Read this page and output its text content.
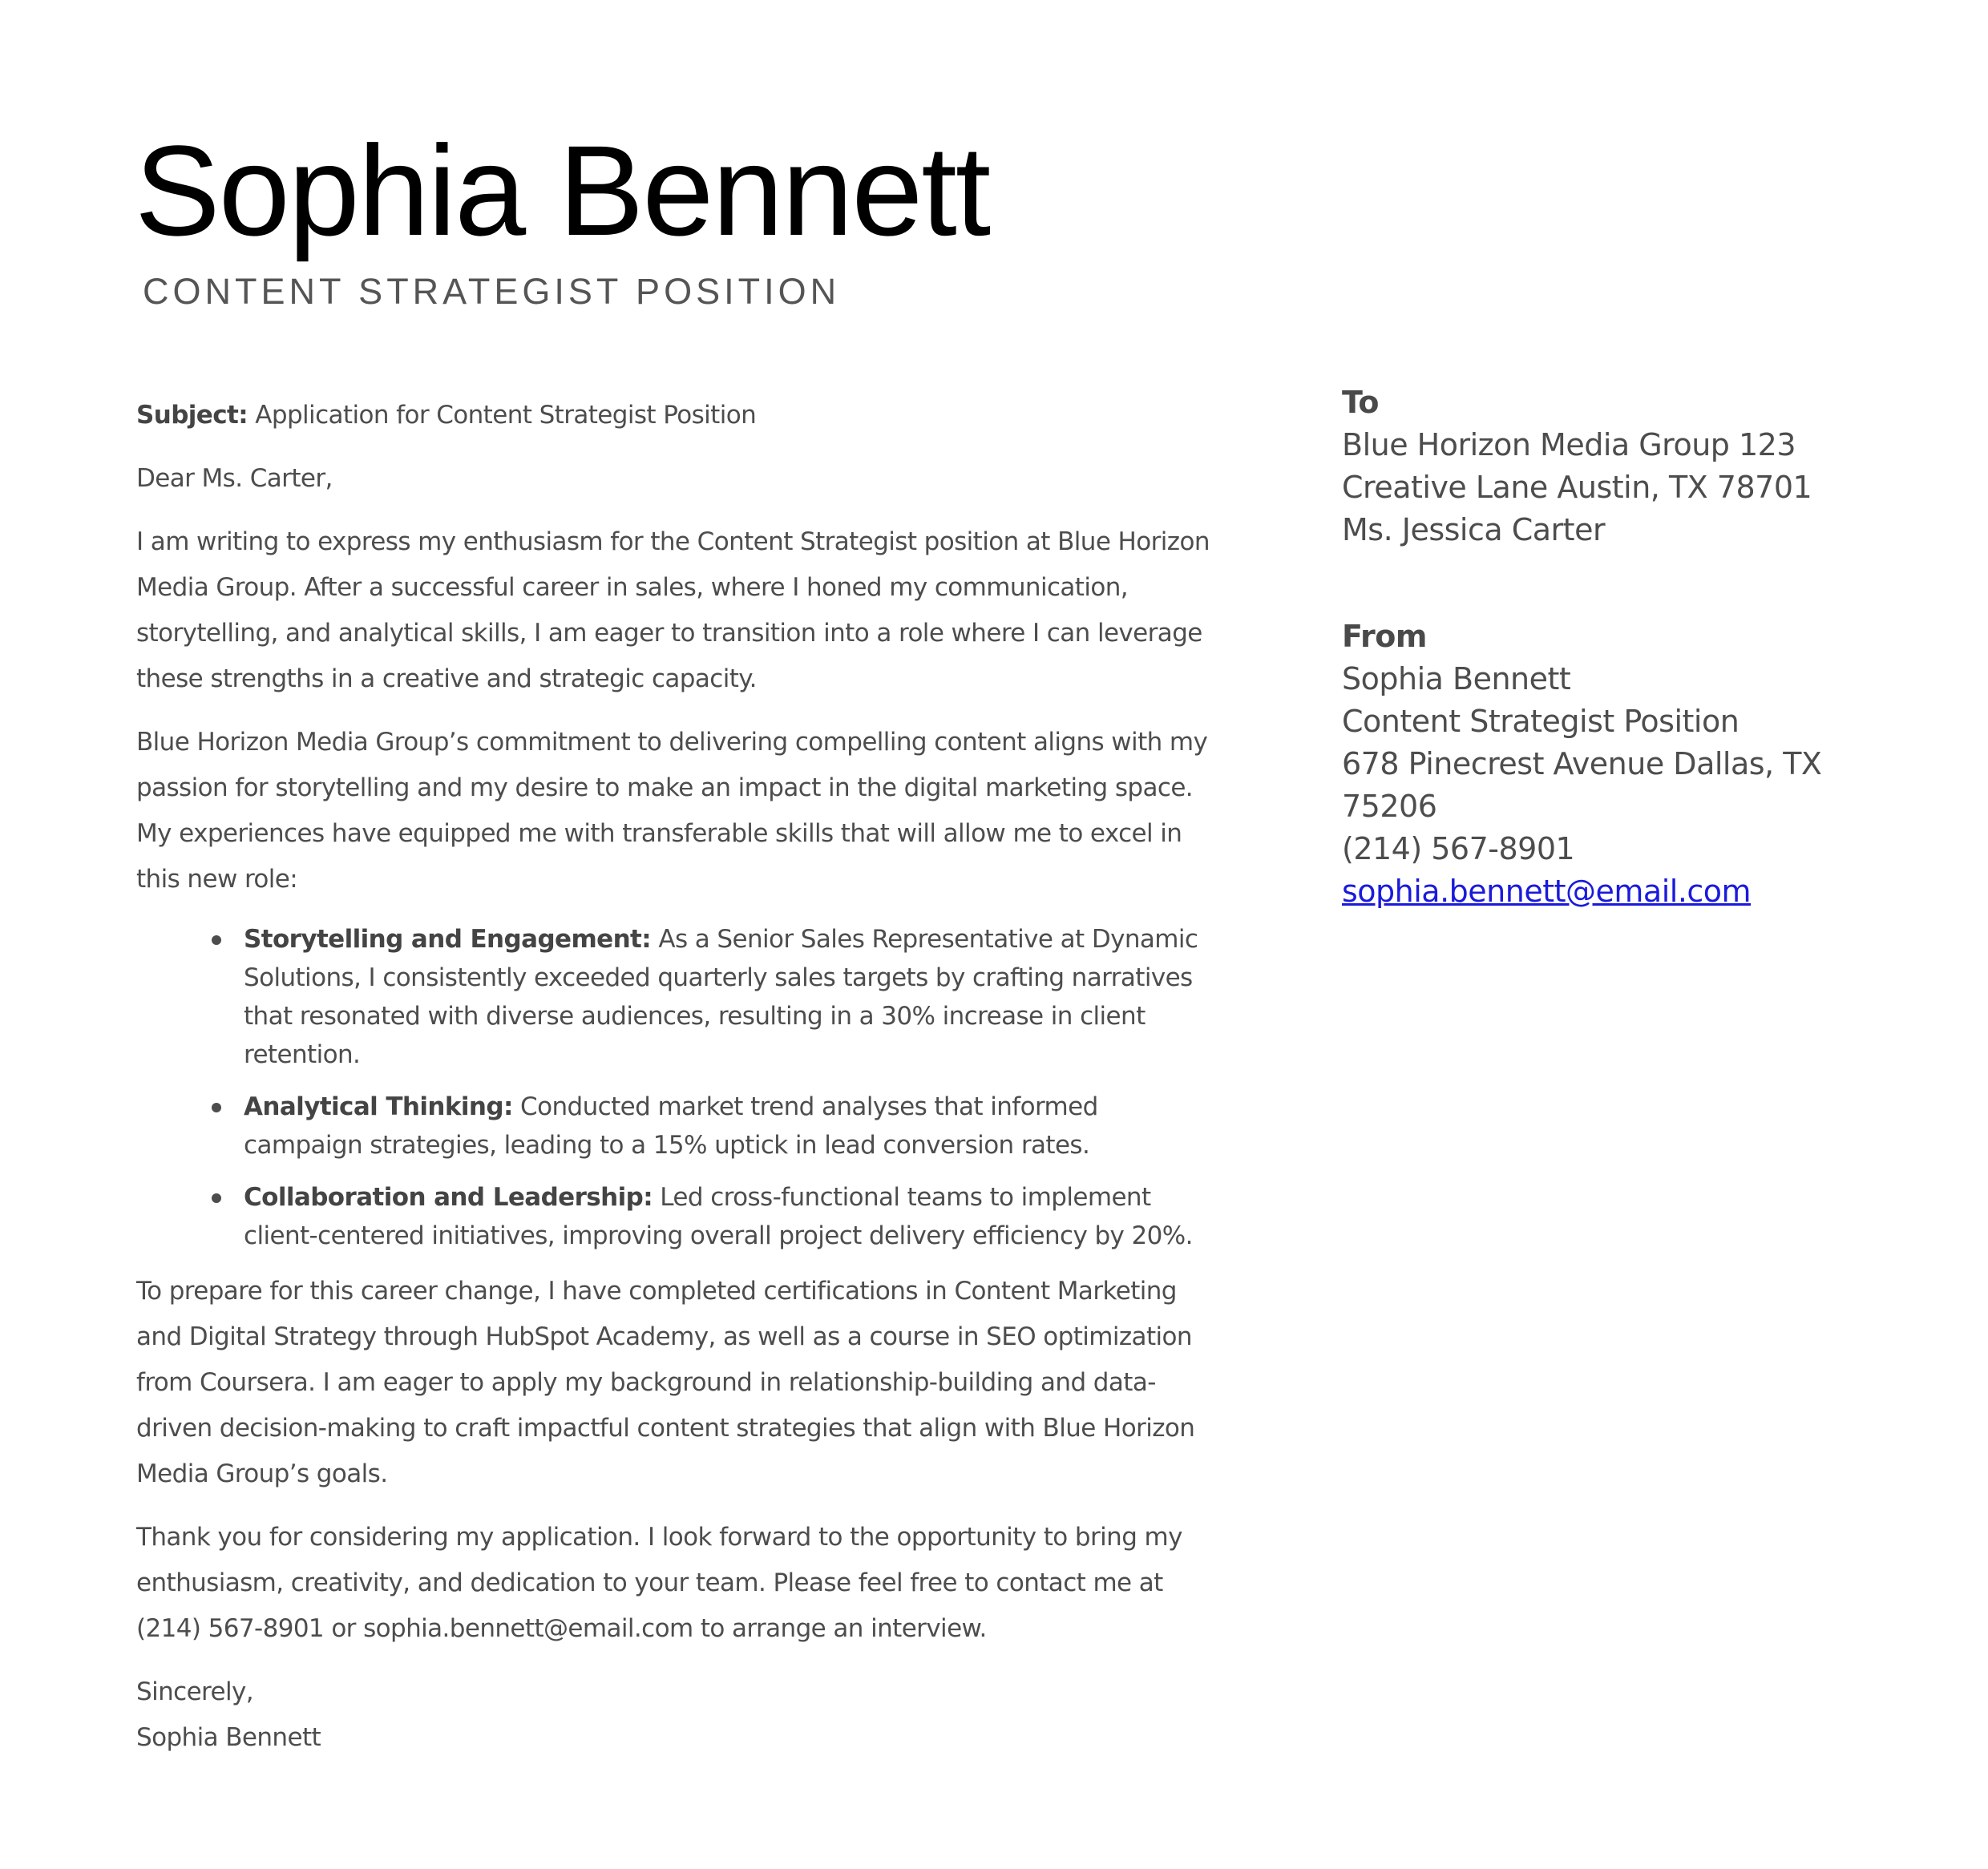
Sophia Bennett
CONTENT STRATEGIST POSITION

Subject: Application for Content Strategist Position

Dear Ms. Carter,

I am writing to express my enthusiasm for the Content Strategist position at Blue Horizon Media Group. After a successful career in sales, where I honed my communication, storytelling, and analytical skills, I am eager to transition into a role where I can leverage these strengths in a creative and strategic capacity.

Blue Horizon Media Group’s commitment to delivering compelling content aligns with my passion for storytelling and my desire to make an impact in the digital marketing space. My experiences have equipped me with transferable skills that will allow me to excel in this new role:

Storytelling and Engagement: As a Senior Sales Representative at Dynamic Solutions, I consistently exceeded quarterly sales targets by crafting narratives that resonated with diverse audiences, resulting in a 30% increase in client retention.
Analytical Thinking: Conducted market trend analyses that informed campaign strategies, leading to a 15% uptick in lead conversion rates.
Collaboration and Leadership: Led cross-functional teams to implement client-centered initiatives, improving overall project delivery efficiency by 20%.

To prepare for this career change, I have completed certifications in Content Marketing and Digital Strategy through HubSpot Academy, as well as a course in SEO optimization from Coursera. I am eager to apply my background in relationship-building and data-driven decision-making to craft impactful content strategies that align with Blue Horizon Media Group’s goals.

Thank you for considering my application. I look forward to the opportunity to bring my enthusiasm, creativity, and dedication to your team. Please feel free to contact me at (214) 567-8901 or sophia.bennett@email.com to arrange an interview.

Sincerely,

Sophia Bennett

To
Blue Horizon Media Group 123 Creative Lane Austin, TX 78701
Ms. Jessica Carter
From
Sophia Bennett
Content Strategist Position
678 Pinecrest Avenue Dallas, TX 75206
(214) 567-8901
sophia.bennett@email.com
